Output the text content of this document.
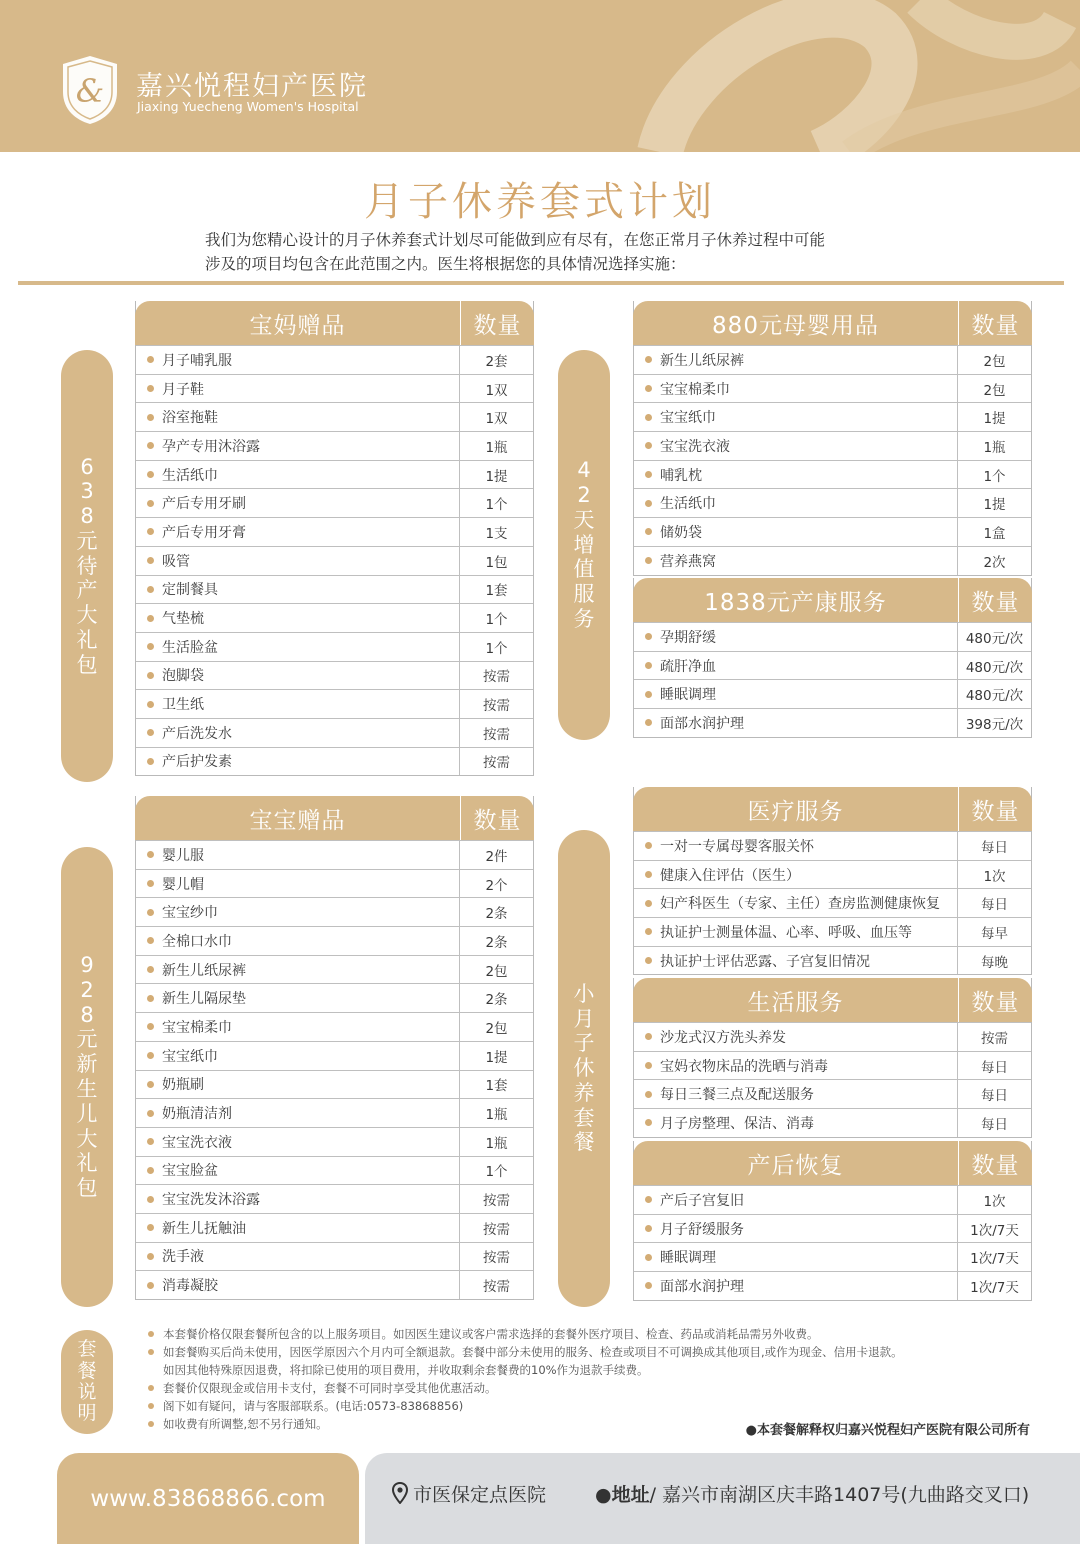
& 嘉兴悦程妇产医院
Jiaxing Yuecheng Women's Hospital
月子休养套式计划
我们为您精心设计的月子休养套式计划尽可能做到应有尽有，在您正常月子休养过程中可能
涉及的项目均包含在此范围之内。医生将根据您的具体情况选择实施：
6
3
8
元
待
产
大
礼
包
4
2
天
增
值
服
务
9
2
8
元
新
生
儿
大
礼
包
小
月
子
休
养
套
餐
套
餐
说
明
宝妈赠品	数量
月子哺乳服	2套
月子鞋	1双
浴室拖鞋	1双
孕产专用沐浴露	1瓶
生活纸巾	1提
产后专用牙刷	1个
产后专用牙膏	1支
吸管	1包
定制餐具	1套
气垫梳	1个
生活脸盆	1个
泡脚袋	按需
卫生纸	按需
产后洗发水	按需
产后护发素	按需
宝宝赠品	数量
婴儿服	2件
婴儿帽	2个
宝宝纱巾	2条
全棉口水巾	2条
新生儿纸尿裤	2包
新生儿隔尿垫	2条
宝宝棉柔巾	2包
宝宝纸巾	1提
奶瓶刷	1套
奶瓶清洁剂	1瓶
宝宝洗衣液	1瓶
宝宝脸盆	1个
宝宝洗发沐浴露	按需
新生儿抚触油	按需
洗手液	按需
消毒凝胶	按需
880元母婴用品	数量
新生儿纸尿裤	2包
宝宝棉柔巾	2包
宝宝纸巾	1提
宝宝洗衣液	1瓶
哺乳枕	1个
生活纸巾	1提
储奶袋	1盒
营养燕窝	2次
1838元产康服务	数量
孕期舒缓	480元/次
疏肝净血	480元/次
睡眠调理	480元/次
面部水润护理	398元/次
医疗服务	数量
一对一专属母婴客服关怀	每日
健康入住评估（医生）	1次
妇产科医生（专家、主任）查房监测健康恢复	每日
执证护士测量体温、心率、呼吸、血压等	每早
执证护士评估恶露、子宫复旧情况	每晚
生活服务	数量
沙龙式汉方洗头养发	按需
宝妈衣物床品的洗晒与消毒	每日
每日三餐三点及配送服务	每日
月子房整理、保洁、消毒	每日
产后恢复	数量
产后子宫复旧	1次
月子舒缓服务	1次/7天
睡眠调理	1次/7天
面部水润护理	1次/7天
本套餐价格仅限套餐所包含的以上服务项目。如因医生建议或客户需求选择的套餐外医疗项目、检查、药品或消耗品需另外收费。
如套餐购买后尚未使用，因医学原因六个月内可全额退款。套餐中部分未使用的服务、检查或项目不可调换成其他项目,或作为现金、信用卡退款。
如因其他特殊原因退费，将扣除已使用的项目费用，并收取剩余套餐费的10%作为退款手续费。
套餐价仅限现金或信用卡支付，套餐不可同时享受其他优惠活动。
阁下如有疑问，请与客服部联系。(电话:0573-83868856)
如收费有所调整,恕不另行通知。	●本套餐解释权归嘉兴悦程妇产医院有限公司所有
www.83868866.com	市医保定点医院	●地址/ 嘉兴市南湖区庆丰路1407号(九曲路交叉口)
